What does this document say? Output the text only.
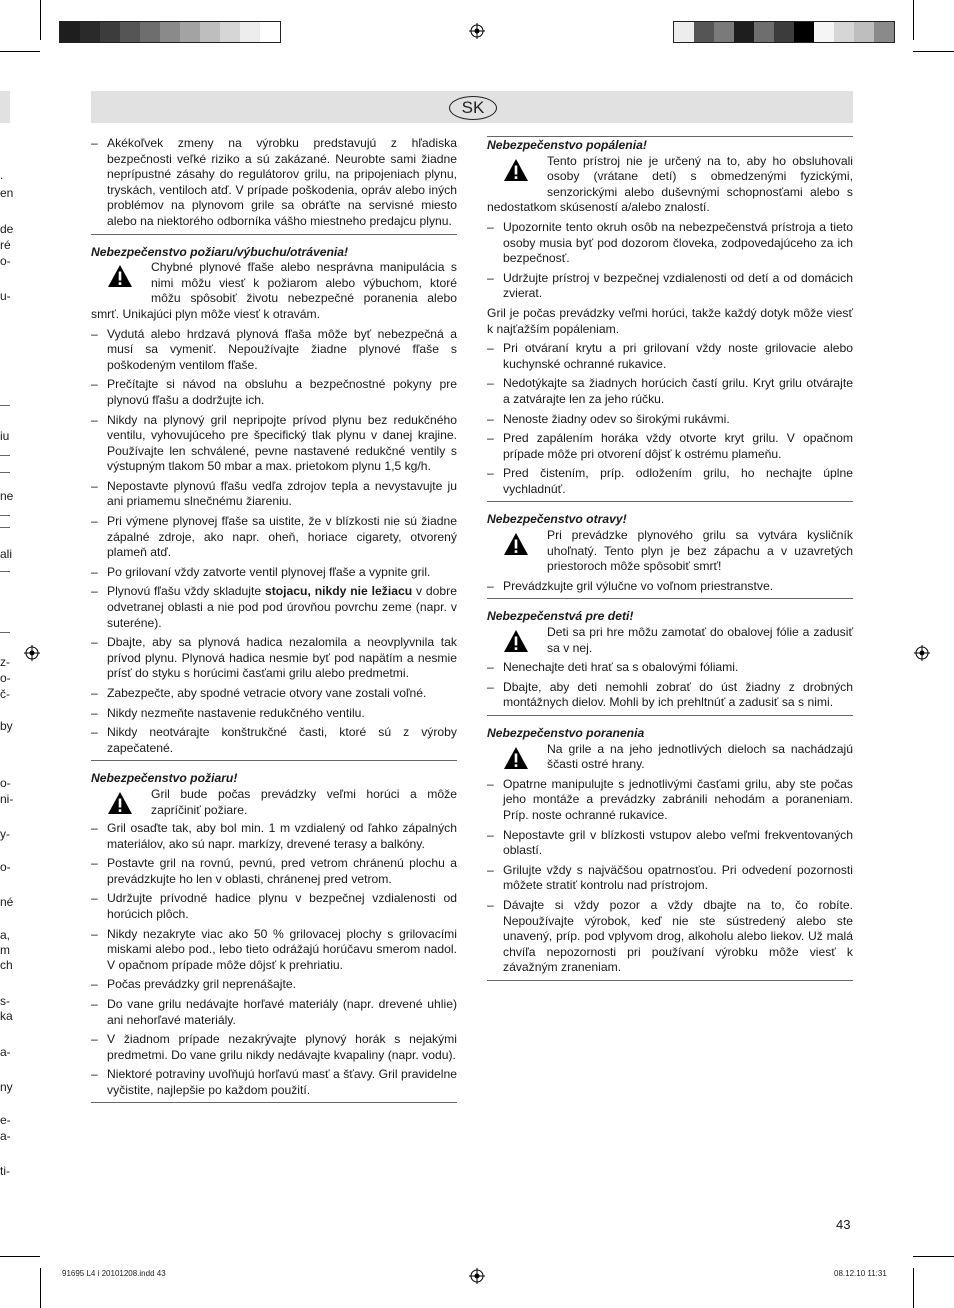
SK
.
en
de
ré
o-
u-
iu
ne
ali
z-
o-
č-
by
o-
ni-
y-
o-
né
a,
m
ch
s-
ka
a-
ny
e-
a-
ti-
– Akékoľvek zmeny na výrobku predstavujú z hľadiska bezpečnosti veľké riziko a sú zakázané. Neurobte sami žiadne neprípustné zásahy do regulátorov grilu, na pripojeniach plynu, tryskách, ventiloch atď. V prípade poškodenia, opráv alebo iných problémov na plynovom grile sa obráťte na servisné miesto alebo na niektorého odborníka vášho miestneho predajcu plynu.
Nebezpečenstvo požiaru/výbuchu/otrávenia!

Chybné plynové fľaše alebo nesprávna manipulácia s nimi môžu viesť k požiarom alebo výbuchom, ktoré môžu spôsobiť životu nebezpečné poranenia alebo smrť. Unikajúci plyn môže viesť k otravám.

– Vydutá alebo hrdzavá plynová fľaša môže byť nebezpečná a musí sa vymeniť. Nepoužívajte žiadne plynové fľaše s poškodeným ventilom fľaše.
– Prečítajte si návod na obsluhu a bezpečnostné pokyny pre plynovú fľašu a dodržujte ich.
– Nikdy na plynový gril nepripojte prívod plynu bez redukčného ventilu, vyhovujúceho pre špecifický tlak plynu v danej krajine. Používajte len schválené, pevne nastavené redukčné ventily s výstupným tlakom 50 mbar a max. prietokom plynu 1,5 kg/h.
– Nepostavte plynovú fľašu vedľa zdrojov tepla a nevystavujte ju ani priamemu slnečnému žiareniu.
– Pri výmene plynovej fľaše sa uistite, že v blízkosti nie sú žiadne zápalné zdroje, ako napr. oheň, horiace cigarety, otvorený plameň atď.
– Po grilovaní vždy zatvorte ventil plynovej fľaše a vypnite gril.
– Plynovú fľašu vždy skladujte stojacu, nikdy nie ležiacu v dobre odvetranej oblasti a nie pod pod úrovňou povrchu zeme (napr. v suteréne).
– Dbajte, aby sa plynová hadica nezalomila a neovplyvnila tak prívod plynu. Plynová hadica nesmie byť pod napätím a nesmie prísť do styku s horúcimi časťami grilu alebo predmetmi.
– Zabezpečte, aby spodné vetracie otvory vane zostali voľné.
– Nikdy nezmeňte nastavenie redukčného ventilu.
– Nikdy neotvárajte konštrukčné časti, ktoré sú z výroby zapečatené.
Nebezpečenstvo požiaru!

Gril bude počas prevádzky veľmi horúci a môže zapríčiniť požiare.

– Gril osaďte tak, aby bol min. 1 m vzdialený od ľahko zápalných materiálov, ako sú napr. markízy, drevené terasy a balkóny.
– Postavte gril na rovnú, pevnú, pred vetrom chránenú plochu a prevádzkujte ho len v oblasti, chránenej pred vetrom.
– Udržujte prívodné hadice plynu v bezpečnej vzdialenosti od horúcich plôch.
– Nikdy nezakryte viac ako 50 % grilovacej plochy s grilovacími miskami alebo pod., lebo tieto odrážajú horúčavu smerom nadol. V opačnom prípade môže dôjsť k prehriatiu.
– Počas prevádzky gril neprenášajte.
– Do vane grilu nedávajte horľavé materiály (napr. drevené uhlie) ani nehorľavé materiály.
– V žiadnom prípade nezakrývajte plynový horák s nejakými predmetmi. Do vane grilu nikdy nedávajte kvapaliny (napr. vodu).
– Niektoré potraviny uvoľňujú horľavú masť a šťavy. Gril pravidelne vyčistite, najlepšie po každom použití.
Nebezpečenstvo popálenia!

Tento prístroj nie je určený na to, aby ho obsluhovali osoby (vrátane detí) s obmedzenými fyzickými, senzorickými alebo duševnými schopnosťami alebo s nedostatkom skúseností a/alebo znalostí.

– Upozornite tento okruh osôb na nebezpečenstvá prístroja a tieto osoby musia byť pod dozorom človeka, zodpovedajúceho za ich bezpečnosť.
– Udržujte prístroj v bezpečnej vzdialenosti od detí a od domácich zvierat.

Gril je počas prevádzky veľmi horúci, takže každý dotyk môže viesť k najťažším popáleniam.

– Pri otváraní krytu a pri grilovaní vždy noste grilovacie alebo kuchynské ochranné rukavice.
– Nedotýkajte sa žiadnych horúcich častí grilu. Kryt grilu otvárajte a zatvárajte len za jeho rúčku.
– Nenoste žiadny odev so širokými rukávmi.
– Pred zapálením horáka vždy otvorte kryt grilu. V opačnom prípade môže pri otvorení dôjsť k ostrému plameňu.
– Pred čistením, príp. odložením grilu, ho nechajte úplne vychladnúť.
Nebezpečenstvo otravy!

Pri prevádzke plynového grilu sa vytvára kysličník uhoľnatý. Tento plyn je bez zápachu a v uzavretých priestoroch môže spôsobiť smrť!

– Prevádzkujte gril výlučne vo voľnom priestranstve.
Nebezpečenstvá pre deti!

Deti sa pri hre môžu zamotať do obalovej fólie a zadusiť sa v nej.

– Nenechajte deti hrať sa s obalovými fóliami.
– Dbajte, aby deti nemohli zobrať do úst žiadny z drobných montážnych dielov. Mohli by ich prehltnúť a zadusiť sa s nimi.
Nebezpečenstvo poranenia

Na grile a na jeho jednotlivých dieloch sa nachádzajú ščasti ostré hrany.

– Opatrne manipulujte s jednotlivými časťami grilu, aby ste počas jeho montáže a prevádzky zabránili nehodám a poraneniam. Príp. noste ochranné rukavice.
– Nepostavte gril v blízkosti vstupov alebo veľmi frekventovaných oblastí.
– Grilujte vždy s najväčšou opatrnosťou. Pri odvedení pozornosti môžete stratiť kontrolu nad prístrojom.
– Dávajte si vždy pozor a vždy dbajte na to, čo robíte. Nepoužívajte výrobok, keď nie ste sústredený alebo ste unavený, príp. pod vplyvom drog, alkoholu alebo liekov. Už malá chvíľa nepozornosti pri používaní výrobku môže viesť k závažným zraneniam.
43
91695 L4 i 20101208.indd 43	08.12.10 11:31
